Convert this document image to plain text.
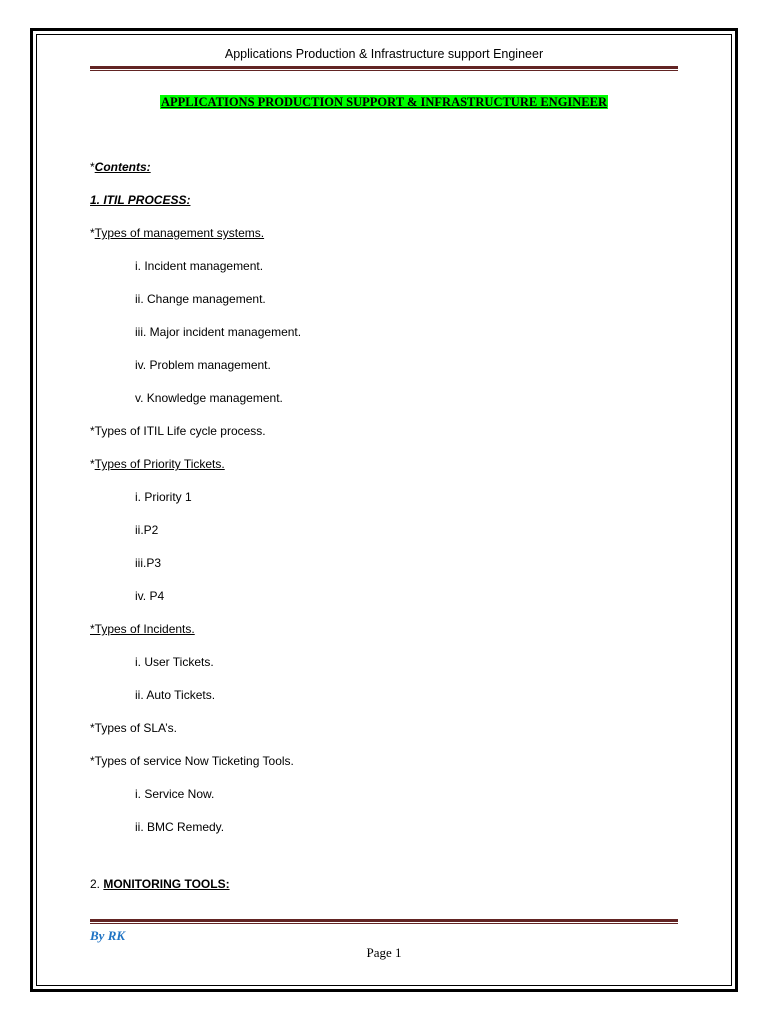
Applications Production & Infrastructure support Engineer
APPLICATIONS PRODUCTION SUPPORT & INFRASTRUCTURE ENGINEER
*Contents:
1. ITIL PROCESS:
*Types of management systems.
i. Incident management.
ii. Change management.
iii. Major incident management.
iv. Problem management.
v. Knowledge management.
*Types of ITIL Life cycle process.
*Types of Priority Tickets.
i. Priority 1
ii.P2
iii.P3
iv. P4
*Types of Incidents.
i. User Tickets.
ii. Auto Tickets.
*Types of SLA’s.
*Types of service Now Ticketing Tools.
i. Service Now.
ii. BMC Remedy.
2. MONITORING TOOLS:
By RK
Page 1
